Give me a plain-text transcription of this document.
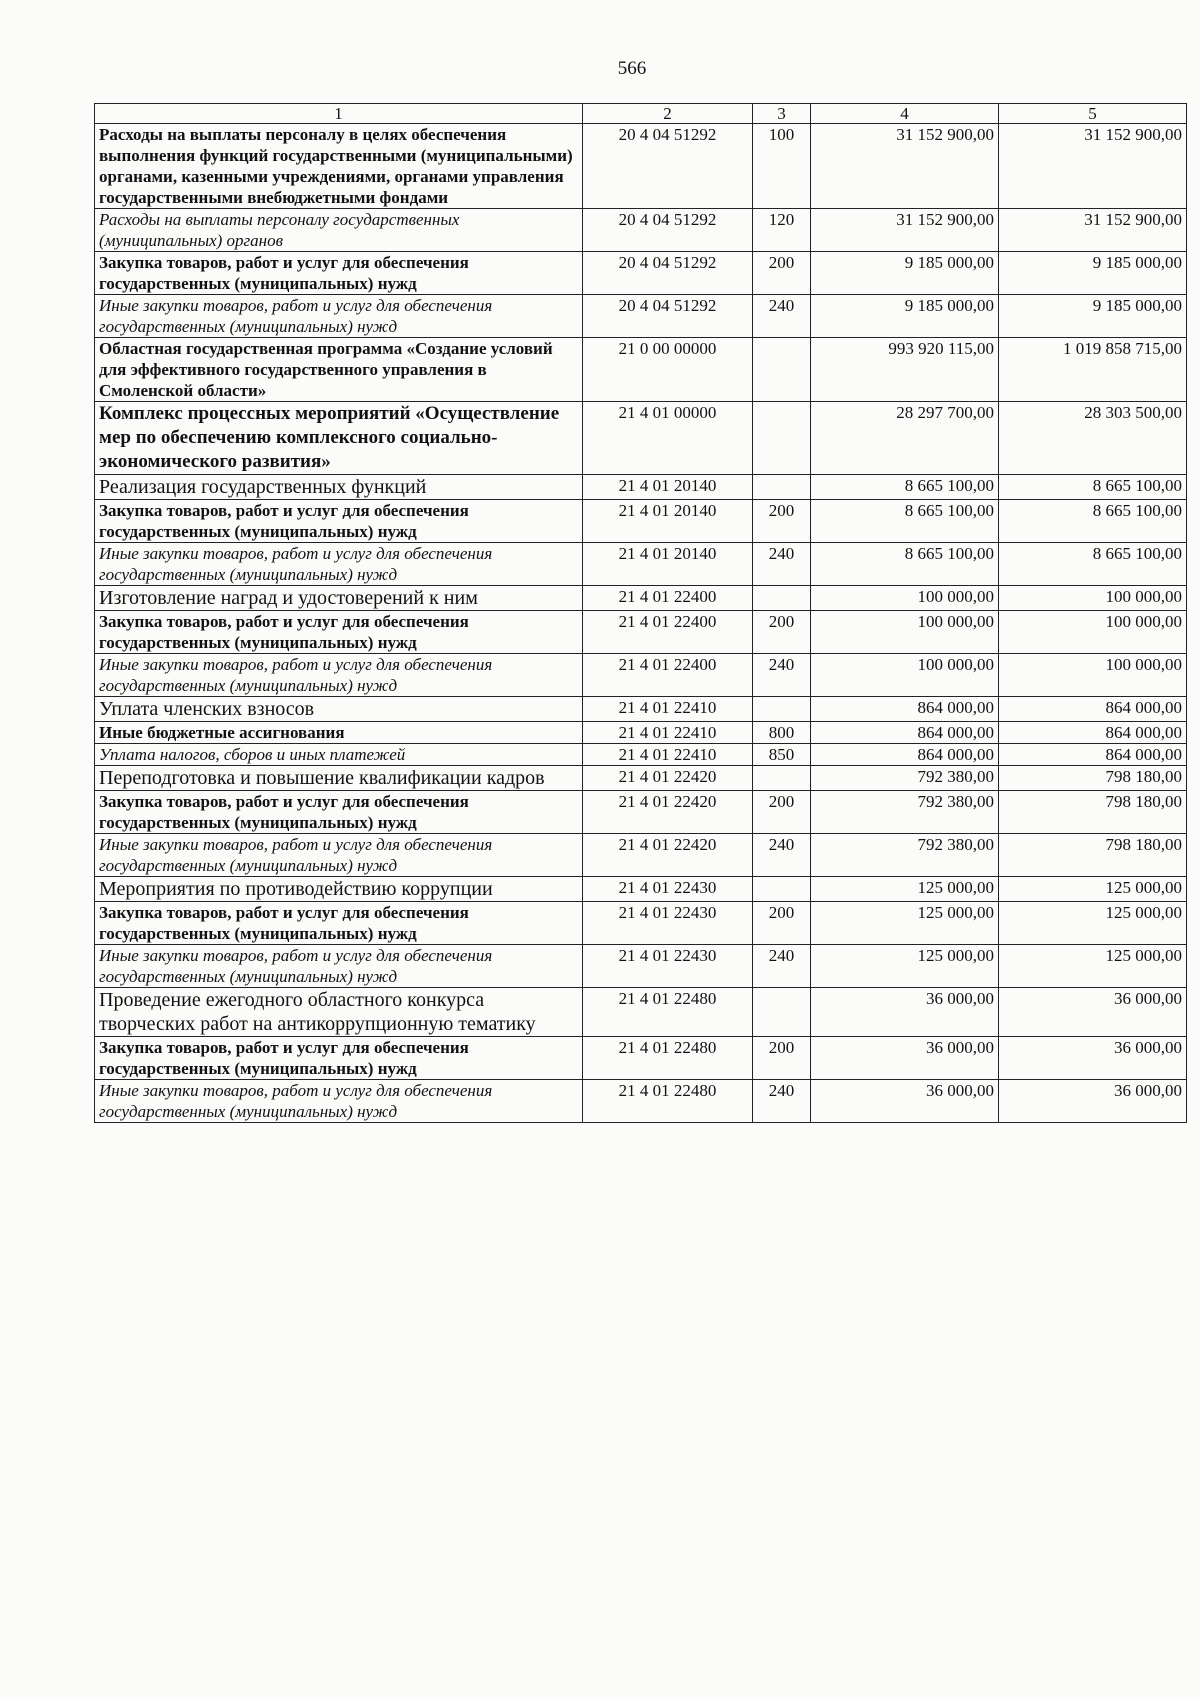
566
1	2	3	4	5
Расходы на выплаты персоналу в целях обеспечения выполнения функций государственными (муниципальными) органами, казенными учреждениями, органами управления государственными внебюджетными фондами	20 4 04 51292	100	31 152 900,00	31 152 900,00
Расходы на выплаты персоналу государственных (муниципальных) органов	20 4 04 51292	120	31 152 900,00	31 152 900,00
Закупка товаров, работ и услуг для обеспечения государственных (муниципальных) нужд	20 4 04 51292	200	9 185 000,00	9 185 000,00
Иные закупки товаров, работ и услуг для обеспечения государственных (муниципальных) нужд	20 4 04 51292	240	9 185 000,00	9 185 000,00
Областная государственная программа «Создание условий для эффективного государственного управления в Смоленской области»	21 0 00 00000		993 920 115,00	1 019 858 715,00
Комплекс процессных мероприятий «Осуществление мер по обеспечению комплексного социально-экономического развития»	21 4 01 00000		28 297 700,00	28 303 500,00
Реализация государственных функций	21 4 01 20140		8 665 100,00	8 665 100,00
Закупка товаров, работ и услуг для обеспечения государственных (муниципальных) нужд	21 4 01 20140	200	8 665 100,00	8 665 100,00
Иные закупки товаров, работ и услуг для обеспечения государственных (муниципальных) нужд	21 4 01 20140	240	8 665 100,00	8 665 100,00
Изготовление наград и удостоверений к ним	21 4 01 22400		100 000,00	100 000,00
Закупка товаров, работ и услуг для обеспечения государственных (муниципальных) нужд	21 4 01 22400	200	100 000,00	100 000,00
Иные закупки товаров, работ и услуг для обеспечения государственных (муниципальных) нужд	21 4 01 22400	240	100 000,00	100 000,00
Уплата членских взносов	21 4 01 22410		864 000,00	864 000,00
Иные бюджетные ассигнования	21 4 01 22410	800	864 000,00	864 000,00
Уплата налогов, сборов и иных платежей	21 4 01 22410	850	864 000,00	864 000,00
Переподготовка и повышение квалификации кадров	21 4 01 22420		792 380,00	798 180,00
Закупка товаров, работ и услуг для обеспечения государственных (муниципальных) нужд	21 4 01 22420	200	792 380,00	798 180,00
Иные закупки товаров, работ и услуг для обеспечения государственных (муниципальных) нужд	21 4 01 22420	240	792 380,00	798 180,00
Мероприятия по противодействию коррупции	21 4 01 22430		125 000,00	125 000,00
Закупка товаров, работ и услуг для обеспечения государственных (муниципальных) нужд	21 4 01 22430	200	125 000,00	125 000,00
Иные закупки товаров, работ и услуг для обеспечения государственных (муниципальных) нужд	21 4 01 22430	240	125 000,00	125 000,00
Проведение ежегодного областного конкурса творческих работ на антикоррупционную тематику	21 4 01 22480		36 000,00	36 000,00
Закупка товаров, работ и услуг для обеспечения государственных (муниципальных) нужд	21 4 01 22480	200	36 000,00	36 000,00
Иные закупки товаров, работ и услуг для обеспечения государственных (муниципальных) нужд	21 4 01 22480	240	36 000,00	36 000,00
